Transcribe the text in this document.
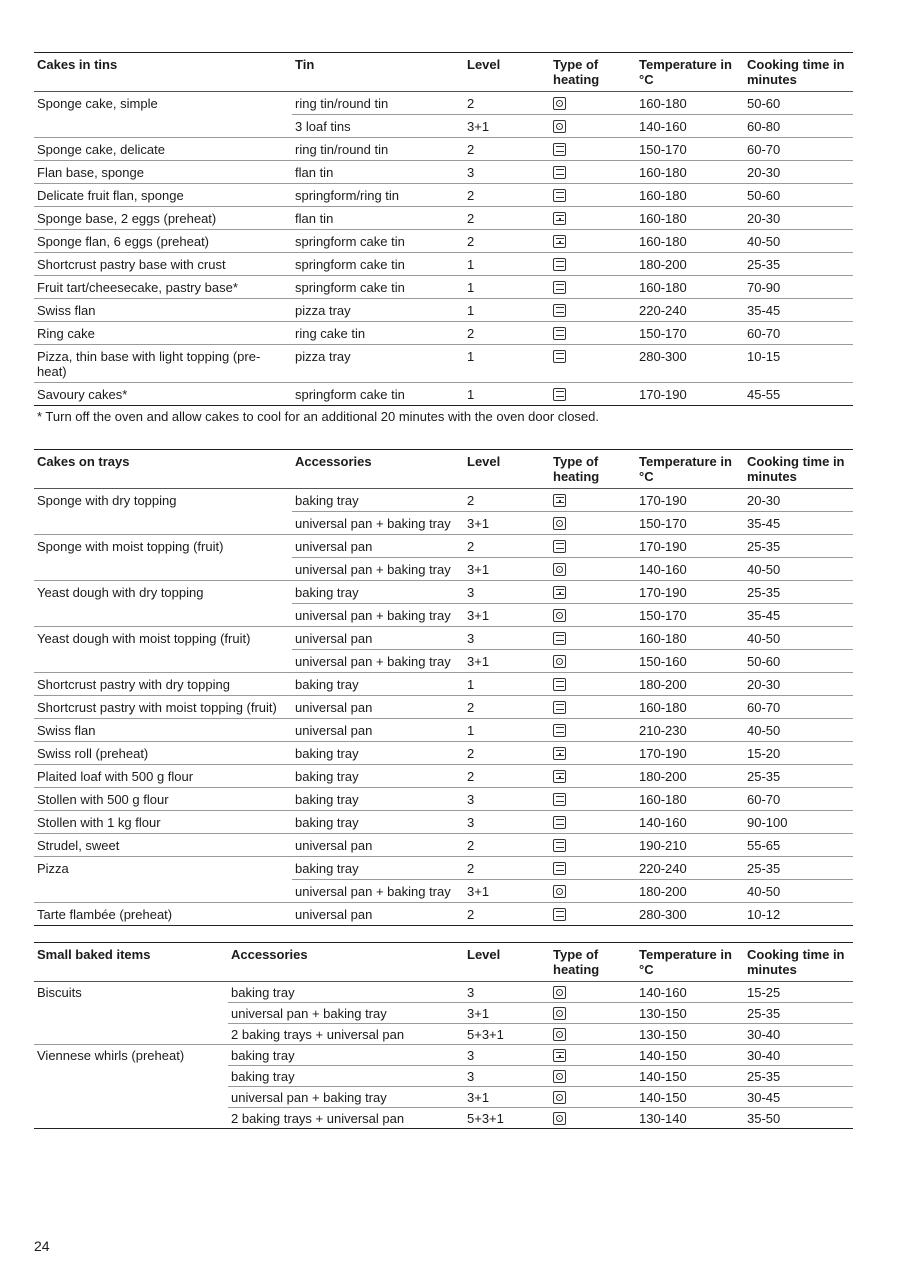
Cakes in tins	Tin	Level	Type of heating	Temperature in °C	Cooking time in minutes
Sponge cake, simple	ring tin/round tin	2		160-180	50-60
	3 loaf tins	3+1		140-160	60-80
Sponge cake, delicate	ring tin/round tin	2		150-170	60-70
Flan base, sponge	flan tin	3		160-180	20-30
Delicate fruit flan, sponge	springform/ring tin	2		160-180	50-60
Sponge base, 2 eggs (preheat)	flan tin	2		160-180	20-30
Sponge flan, 6 eggs (preheat)	springform cake tin	2		160-180	40-50
Shortcrust pastry base with crust	springform cake tin	1		180-200	25-35
Fruit tart/cheesecake, pastry base*	springform cake tin	1		160-180	70-90
Swiss flan	pizza tray	1		220-240	35-45
Ring cake	ring cake tin	2		150-170	60-70
Pizza, thin base with light topping (pre-heat)	pizza tray	1		280-300	10-15
Savoury cakes*	springform cake tin	1		170-190	45-55
* Turn off the oven and allow cakes to cool for an additional 20 minutes with the oven door closed.
Cakes on trays	Accessories	Level	Type of heating	Temperature in °C	Cooking time in minutes
Sponge with dry topping	baking tray	2		170-190	20-30
	universal pan + baking tray	3+1		150-170	35-45
Sponge with moist topping (fruit)	universal pan	2		170-190	25-35
	universal pan + baking tray	3+1		140-160	40-50
Yeast dough with dry topping	baking tray	3		170-190	25-35
	universal pan + baking tray	3+1		150-170	35-45
Yeast dough with moist topping (fruit)	universal pan	3		160-180	40-50
	universal pan + baking tray	3+1		150-160	50-60
Shortcrust pastry with dry topping	baking tray	1		180-200	20-30
Shortcrust pastry with moist topping (fruit)	universal pan	2		160-180	60-70
Swiss flan	universal pan	1		210-230	40-50
Swiss roll (preheat)	baking tray	2		170-190	15-20
Plaited loaf with 500 g flour	baking tray	2		180-200	25-35
Stollen with 500 g flour	baking tray	3		160-180	60-70
Stollen with 1 kg flour	baking tray	3		140-160	90-100
Strudel, sweet	universal pan	2		190-210	55-65
Pizza	baking tray	2		220-240	25-35
	universal pan + baking tray	3+1		180-200	40-50
Tarte flambée (preheat)	universal pan	2		280-300	10-12
Small baked items	Accessories	Level	Type of heating	Temperature in °C	Cooking time in minutes
Biscuits	baking tray	3		140-160	15-25
	universal pan + baking tray	3+1		130-150	25-35
	2 baking trays + universal pan	5+3+1		130-150	30-40
Viennese whirls (preheat)	baking tray	3		140-150	30-40
	baking tray	3		140-150	25-35
	universal pan + baking tray	3+1		140-150	30-45
	2 baking trays + universal pan	5+3+1		130-140	35-50
24
